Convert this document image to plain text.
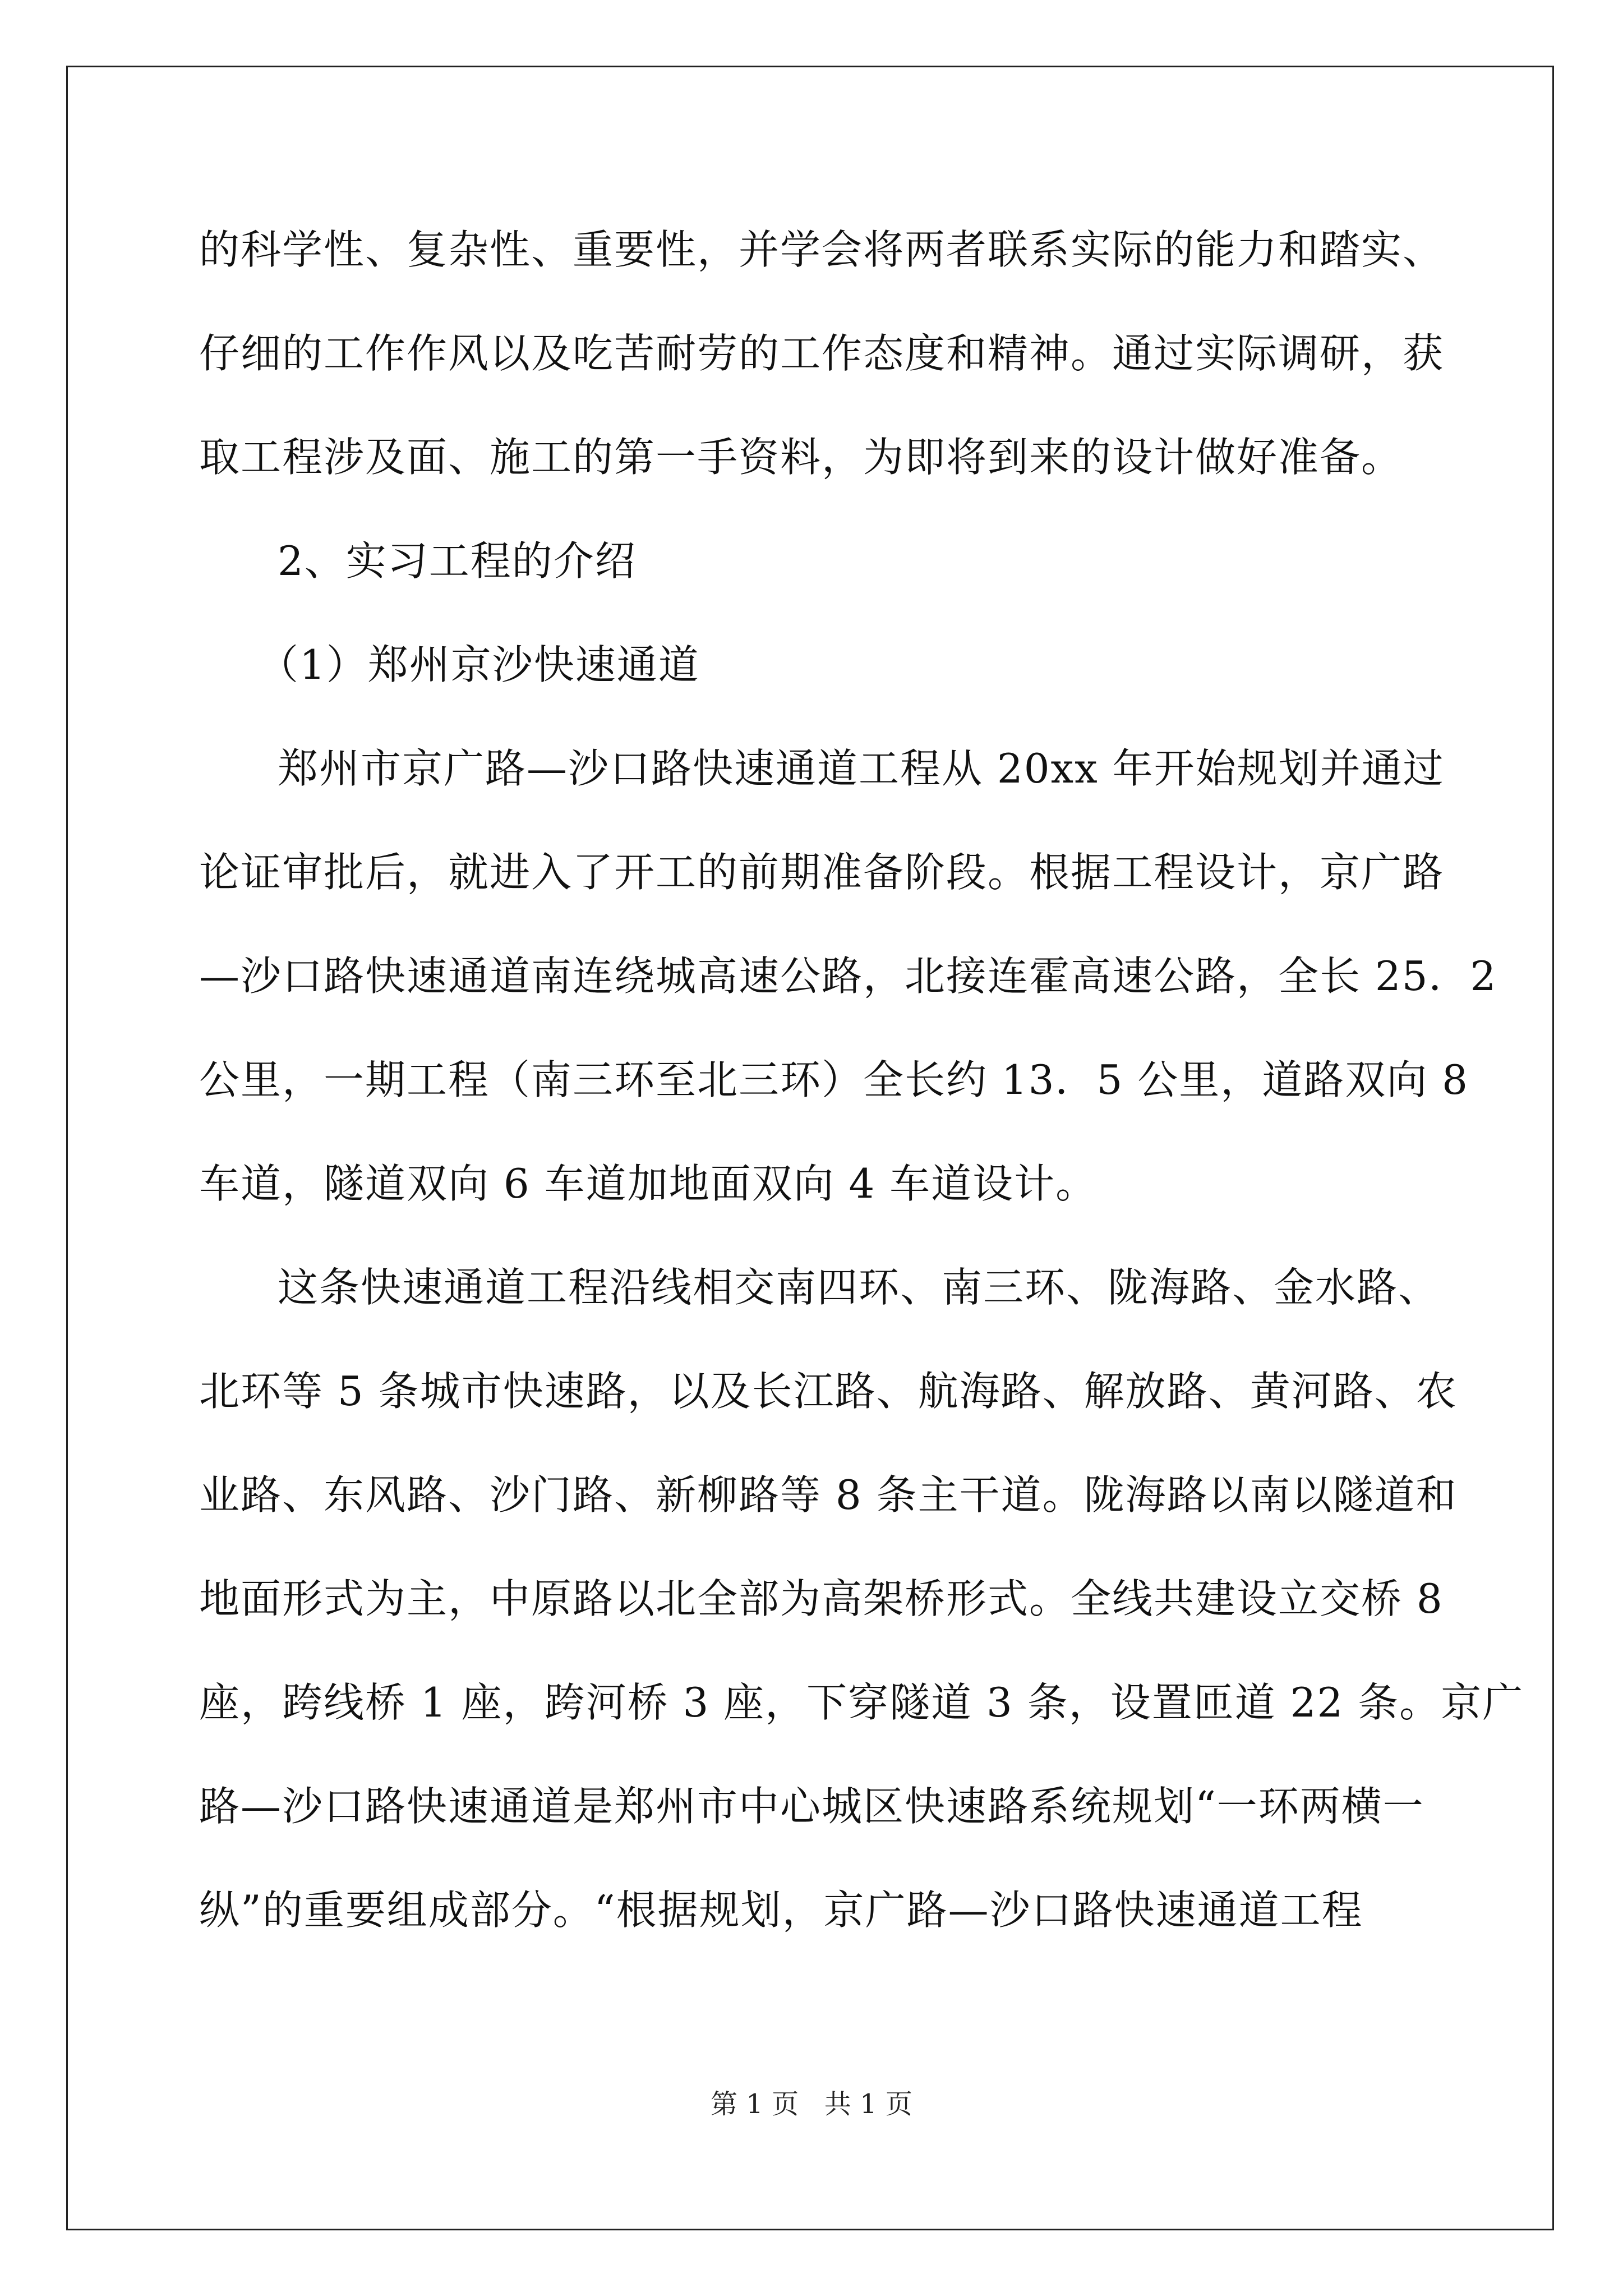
的科学性、复杂性、重要性，并学会将两者联系实际的能力和踏实、
仔细的工作作风以及吃苦耐劳的工作态度和精神。通过实际调研，获
取工程涉及面、施工的第一手资料，为即将到来的设计做好准备。
2、实习工程的介绍
（1）郑州京沙快速通道
郑州市京广路—沙口路快速通道工程从 20xx 年开始规划并通过
论证审批后，就进入了开工的前期准备阶段。根据工程设计，京广路
—沙口路快速通道南连绕城高速公路，北接连霍高速公路，全长 25．2
公里，一期工程（南三环至北三环）全长约 13．5 公里，道路双向 8
车道，隧道双向 6 车道加地面双向 4 车道设计。
这条快速通道工程沿线相交南四环、南三环、陇海路、金水路、
北环等 5 条城市快速路，以及长江路、航海路、解放路、黄河路、农
业路、东风路、沙门路、新柳路等 8 条主干道。陇海路以南以隧道和
地面形式为主，中原路以北全部为高架桥形式。全线共建设立交桥 8
座，跨线桥 1 座，跨河桥 3 座，下穿隧道 3 条，设置匝道 22 条。京广
路—沙口路快速通道是郑州市中心城区快速路系统规划“一环两横一
纵”的重要组成部分。“根据规划，京广路—沙口路快速通道工程
第 1 页   共 1 页
